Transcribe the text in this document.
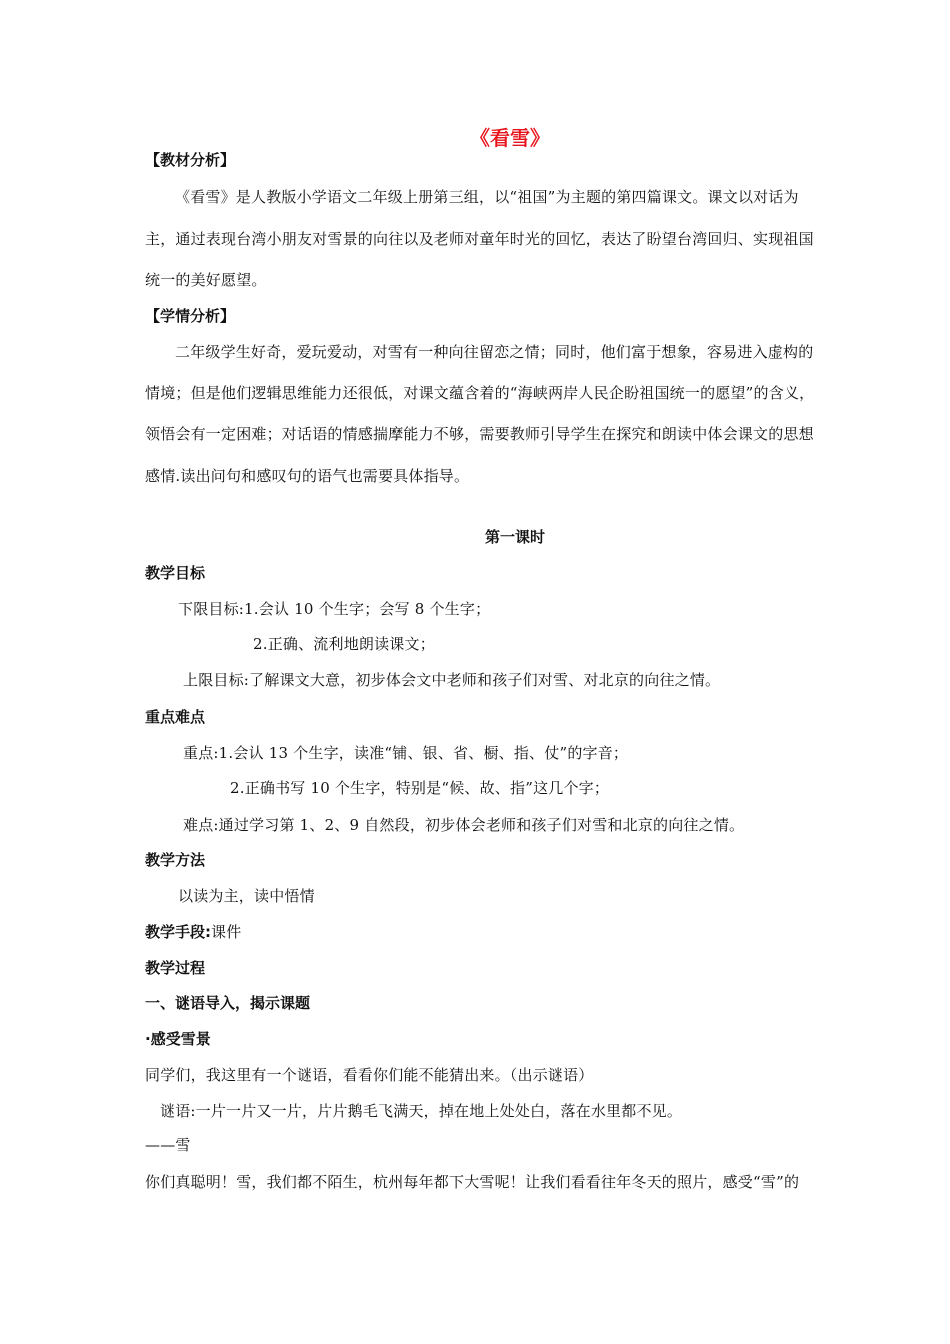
《看雪》
【教材分析】
《看雪》是人教版小学语文二年级上册第三组，以“祖国”为主题的第四篇课文。课文以对话为
主，通过表现台湾小朋友对雪景的向往以及老师对童年时光的回忆，表达了盼望台湾回归、实现祖国
统一的美好愿望。
【学情分析】
二年级学生好奇，爱玩爱动，对雪有一种向往留恋之情；同时，他们富于想象，容易进入虚构的
情境；但是他们逻辑思维能力还很低，对课文蕴含着的“海峡两岸人民企盼祖国统一的愿望”的含义，
领悟会有一定困难；对话语的情感揣摩能力不够，需要教师引导学生在探究和朗读中体会课文的思想
感情.读出问句和感叹句的语气也需要具体指导。
第一课时
教学目标
下限目标:1.会认 10 个生字；会写 8 个生字；
2.正确、流利地朗读课文；
上限目标:了解课文大意，初步体会文中老师和孩子们对雪、对北京的向往之情。
重点难点
重点:1.会认 13 个生字，读准“铺、银、省、橱、指、仗”的字音；
2.正确书写 10 个生字，特别是“候、故、指”这几个字；
难点:通过学习第 1、2、9 自然段，初步体会老师和孩子们对雪和北京的向往之情。
教学方法
以读为主，读中悟情
教学手段:课件
教学过程
一、谜语导入，揭示课题
·感受雪景
同学们，我这里有一个谜语，看看你们能不能猜出来。（出示谜语）
谜语:一片一片又一片，片片鹅毛飞满天，掉在地上处处白，落在水里都不见。
——雪
你们真聪明！雪，我们都不陌生，杭州每年都下大雪呢！让我们看看往年冬天的照片，感受“雪”的
